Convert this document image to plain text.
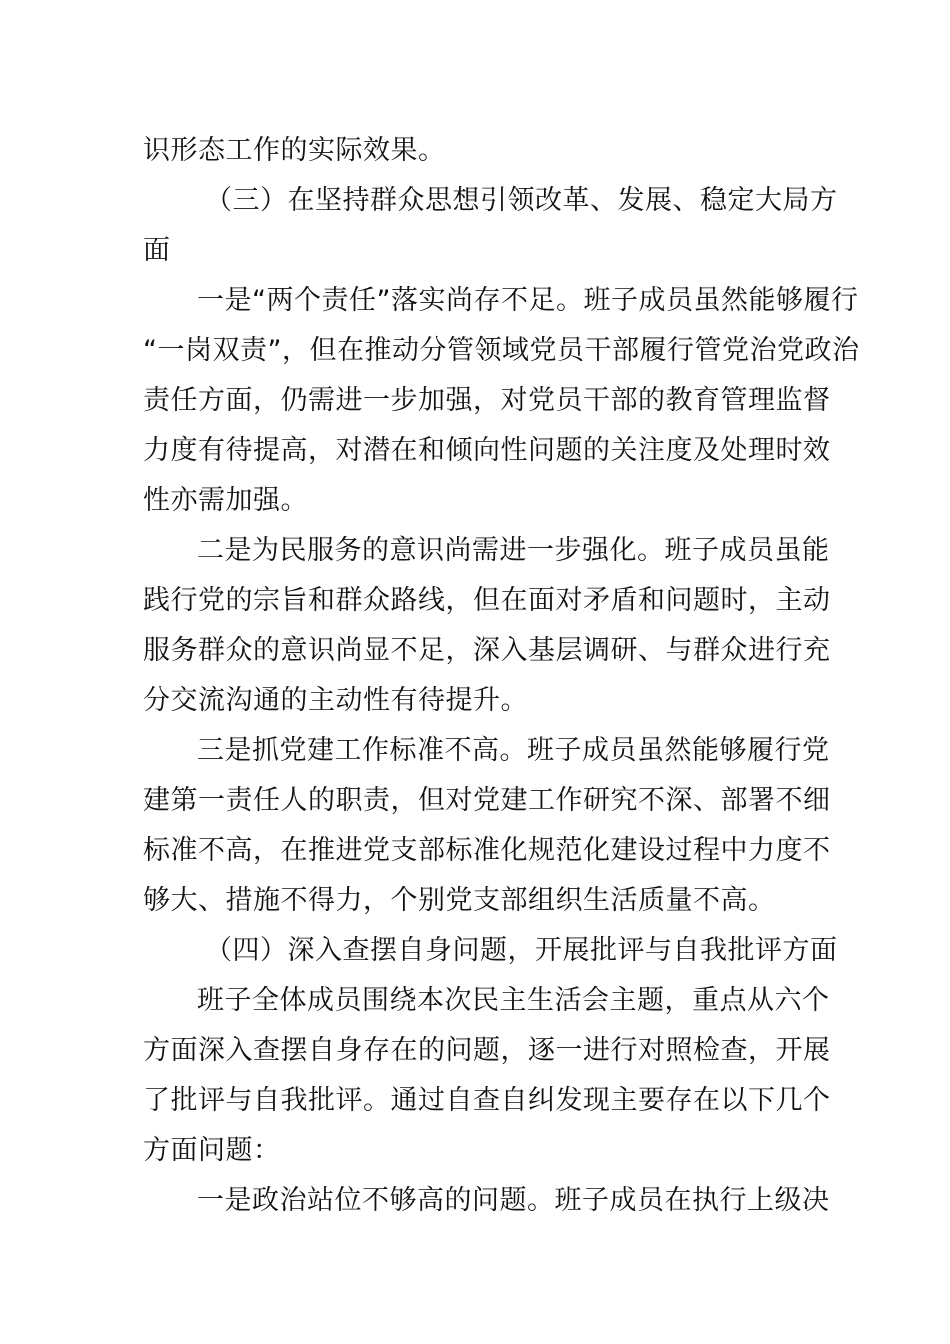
识形态工作的实际效果。
（三）在坚持群众思想引领改革、发展、稳定大局方
面
一是“两个责任”落实尚存不足。班子成员虽然能够履行
“一岗双责”，但在推动分管领域党员干部履行管党治党政治
责任方面，仍需进一步加强，对党员干部的教育管理监督
力度有待提高，对潜在和倾向性问题的关注度及处理时效
性亦需加强。
二是为民服务的意识尚需进一步强化。班子成员虽能
践行党的宗旨和群众路线，但在面对矛盾和问题时，主动
服务群众的意识尚显不足，深入基层调研、与群众进行充
分交流沟通的主动性有待提升。
三是抓党建工作标准不高。班子成员虽然能够履行党
建第一责任人的职责，但对党建工作研究不深、部署不细
标准不高，在推进党支部标准化规范化建设过程中力度不
够大、措施不得力，个别党支部组织生活质量不高。
（四）深入查摆自身问题，开展批评与自我批评方面
班子全体成员围绕本次民主生活会主题，重点从六个
方面深入查摆自身存在的问题，逐一进行对照检查，开展
了批评与自我批评。通过自查自纠发现主要存在以下几个
方面问题：
一是政治站位不够高的问题。班子成员在执行上级决
